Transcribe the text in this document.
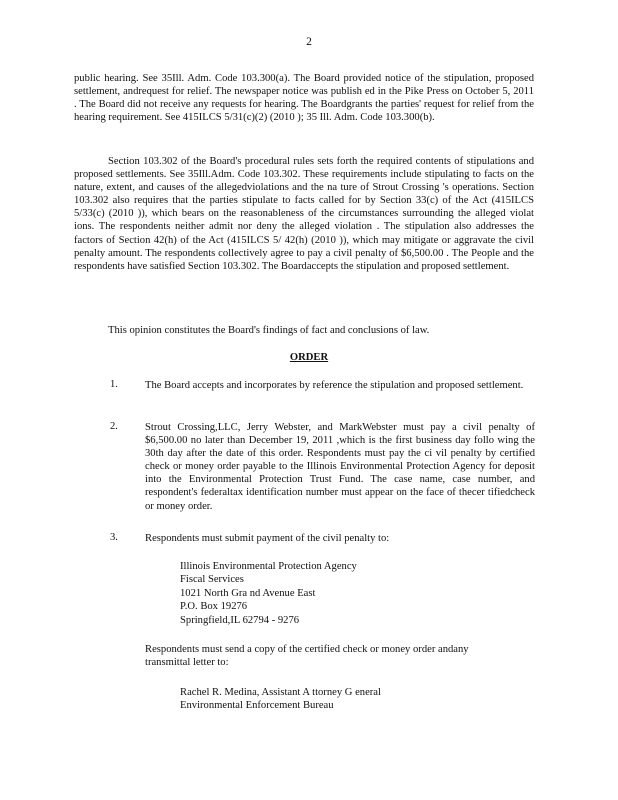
2

public hearing. See 35Ill. Adm. Code 103.300(a). The Board provided notice of the stipulation, proposed settlement, andrequest for relief. The newspaper notice was publish ed in the Pike Press on October 5, 2011 . The Board did not receive any requests for hearing. The Boardgrants the parties' request for relief from the hearing requirement. See 415ILCS 5/31(c)(2) (2010 ); 35 Ill. Adm. Code 103.300(b).

Section 103.302 of the Board's procedural rules sets forth the required contents of stipulations and proposed settlements. See 35Ill.Adm. Code 103.302. These requirements include stipulating to facts on the nature, extent, and causes of the allegedviolations and the na ture of Strout Crossing 's operations. Section 103.302 also requires that the parties stipulate to facts called for by Section 33(c) of the Act (415ILCS 5/33(c) (2010 )), which bears on the reasonableness of the circumstances surrounding the alleged violat ions. The respondents neither admit nor deny the alleged violation . The stipulation also addresses the factors of Section 42(h) of the Act (415ILCS 5/ 42(h) (2010 )), which may mitigate or aggravate the civil penalty amount. The respondents collectively agree to pay a civil penalty of $6,500.00 . The People and the respondents have satisfied Section 103.302. The Boardaccepts the stipulation and proposed settlement.

This opinion constitutes the Board's findings of fact and conclusions of law.

ORDER
1.	The Board accepts and incorporates by reference the stipulation and proposed settlement.

2.	Strout Crossing,LLC, Jerry Webster, and MarkWebster must pay a civil penalty of $6,500.00 no later than December 19, 2011 ,which is the first business day follo wing the 30th day after the date of this order. Respondents must pay the ci vil penalty by certified check or money order payable to the Illinois Environmental Protection Agency for deposit into the Environmental Protection Trust Fund. The case name, case number, and respondent's federaltax identification number must appear on the face of thecer tifiedcheck or money order.

3.	Respondents must submit payment of the civil penalty to:

Illinois Environmental Protection Agency
Fiscal Services
1021 North Gra nd Avenue East
P.O. Box 19276
Springfield,IL 62794 - 9276

Respondents must send a copy of the certified check or money order andany transmittal letter to:

Rachel R. Medina, Assistant A ttorney G eneral
Environmental Enforcement Bureau
